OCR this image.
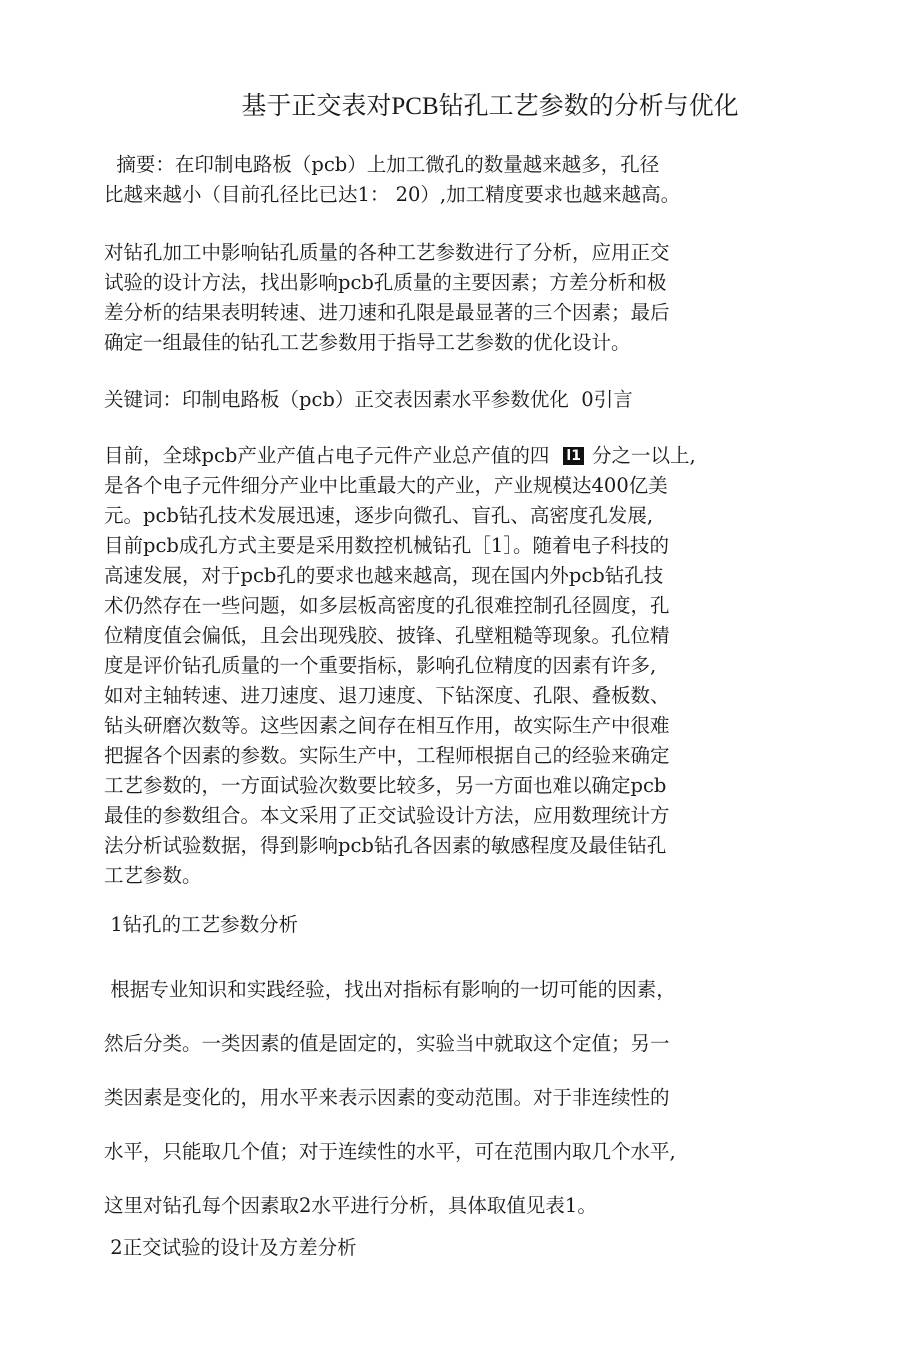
基于正交表对PCB钻孔工艺参数的分析与优化
摘要：在印制电路板（pcb）上加工微孔的数量越来越多，孔径
比越来越小（目前孔径比已达1： 20）,加工精度要求也越来越高。
对钻孔加工中影响钻孔质量的各种工艺参数进行了分析，应用正交
试验的设计方法，找出影响pcb孔质量的主要因素；方差分析和极
差分析的结果表明转速、进刀速和孔限是最显著的三个因素；最后
确定一组最佳的钻孔工艺参数用于指导工艺参数的优化设计。
关键词：印制电路板（pcb）正交表因素水平参数优化  0引言
目前，全球pcb产业产值占电子元件产业总产值的四 l1 分之一以上,
是各个电子元件细分产业中比重最大的产业，产业规模达400亿美
元。pcb钻孔技术发展迅速，逐步向微孔、盲孔、高密度孔发展,
目前pcb成孔方式主要是采用数控机械钻孔［1］。随着电子科技的
高速发展，对于pcb孔的要求也越来越高，现在国内外pcb钻孔技
术仍然存在一些问题，如多层板高密度的孔很难控制孔径圆度，孔
位精度值会偏低，且会出现残胶、披锋、孔壁粗糙等现象。孔位精
度是评价钻孔质量的一个重要指标，影响孔位精度的因素有许多,
如对主轴转速、进刀速度、退刀速度、下钻深度、孔限、叠板数、
钻头研磨次数等。这些因素之间存在相互作用，故实际生产中很难
把握各个因素的参数。实际生产中，工程师根据自己的经验来确定
工艺参数的，一方面试验次数要比较多，另一方面也难以确定pcb
最佳的参数组合。本文采用了正交试验设计方法，应用数理统计方
法分析试验数据，得到影响pcb钻孔各因素的敏感程度及最佳钻孔
工艺参数。
1钻孔的工艺参数分析
根据专业知识和实践经验，找出对指标有影响的一切可能的因素，
然后分类。一类因素的值是固定的，实验当中就取这个定值；另一
类因素是变化的，用水平来表示因素的变动范围。对于非连续性的
水平，只能取几个值；对于连续性的水平，可在范围内取几个水平,
这里对钻孔每个因素取2水平进行分析，具体取值见表1。
2正交试验的设计及方差分析
